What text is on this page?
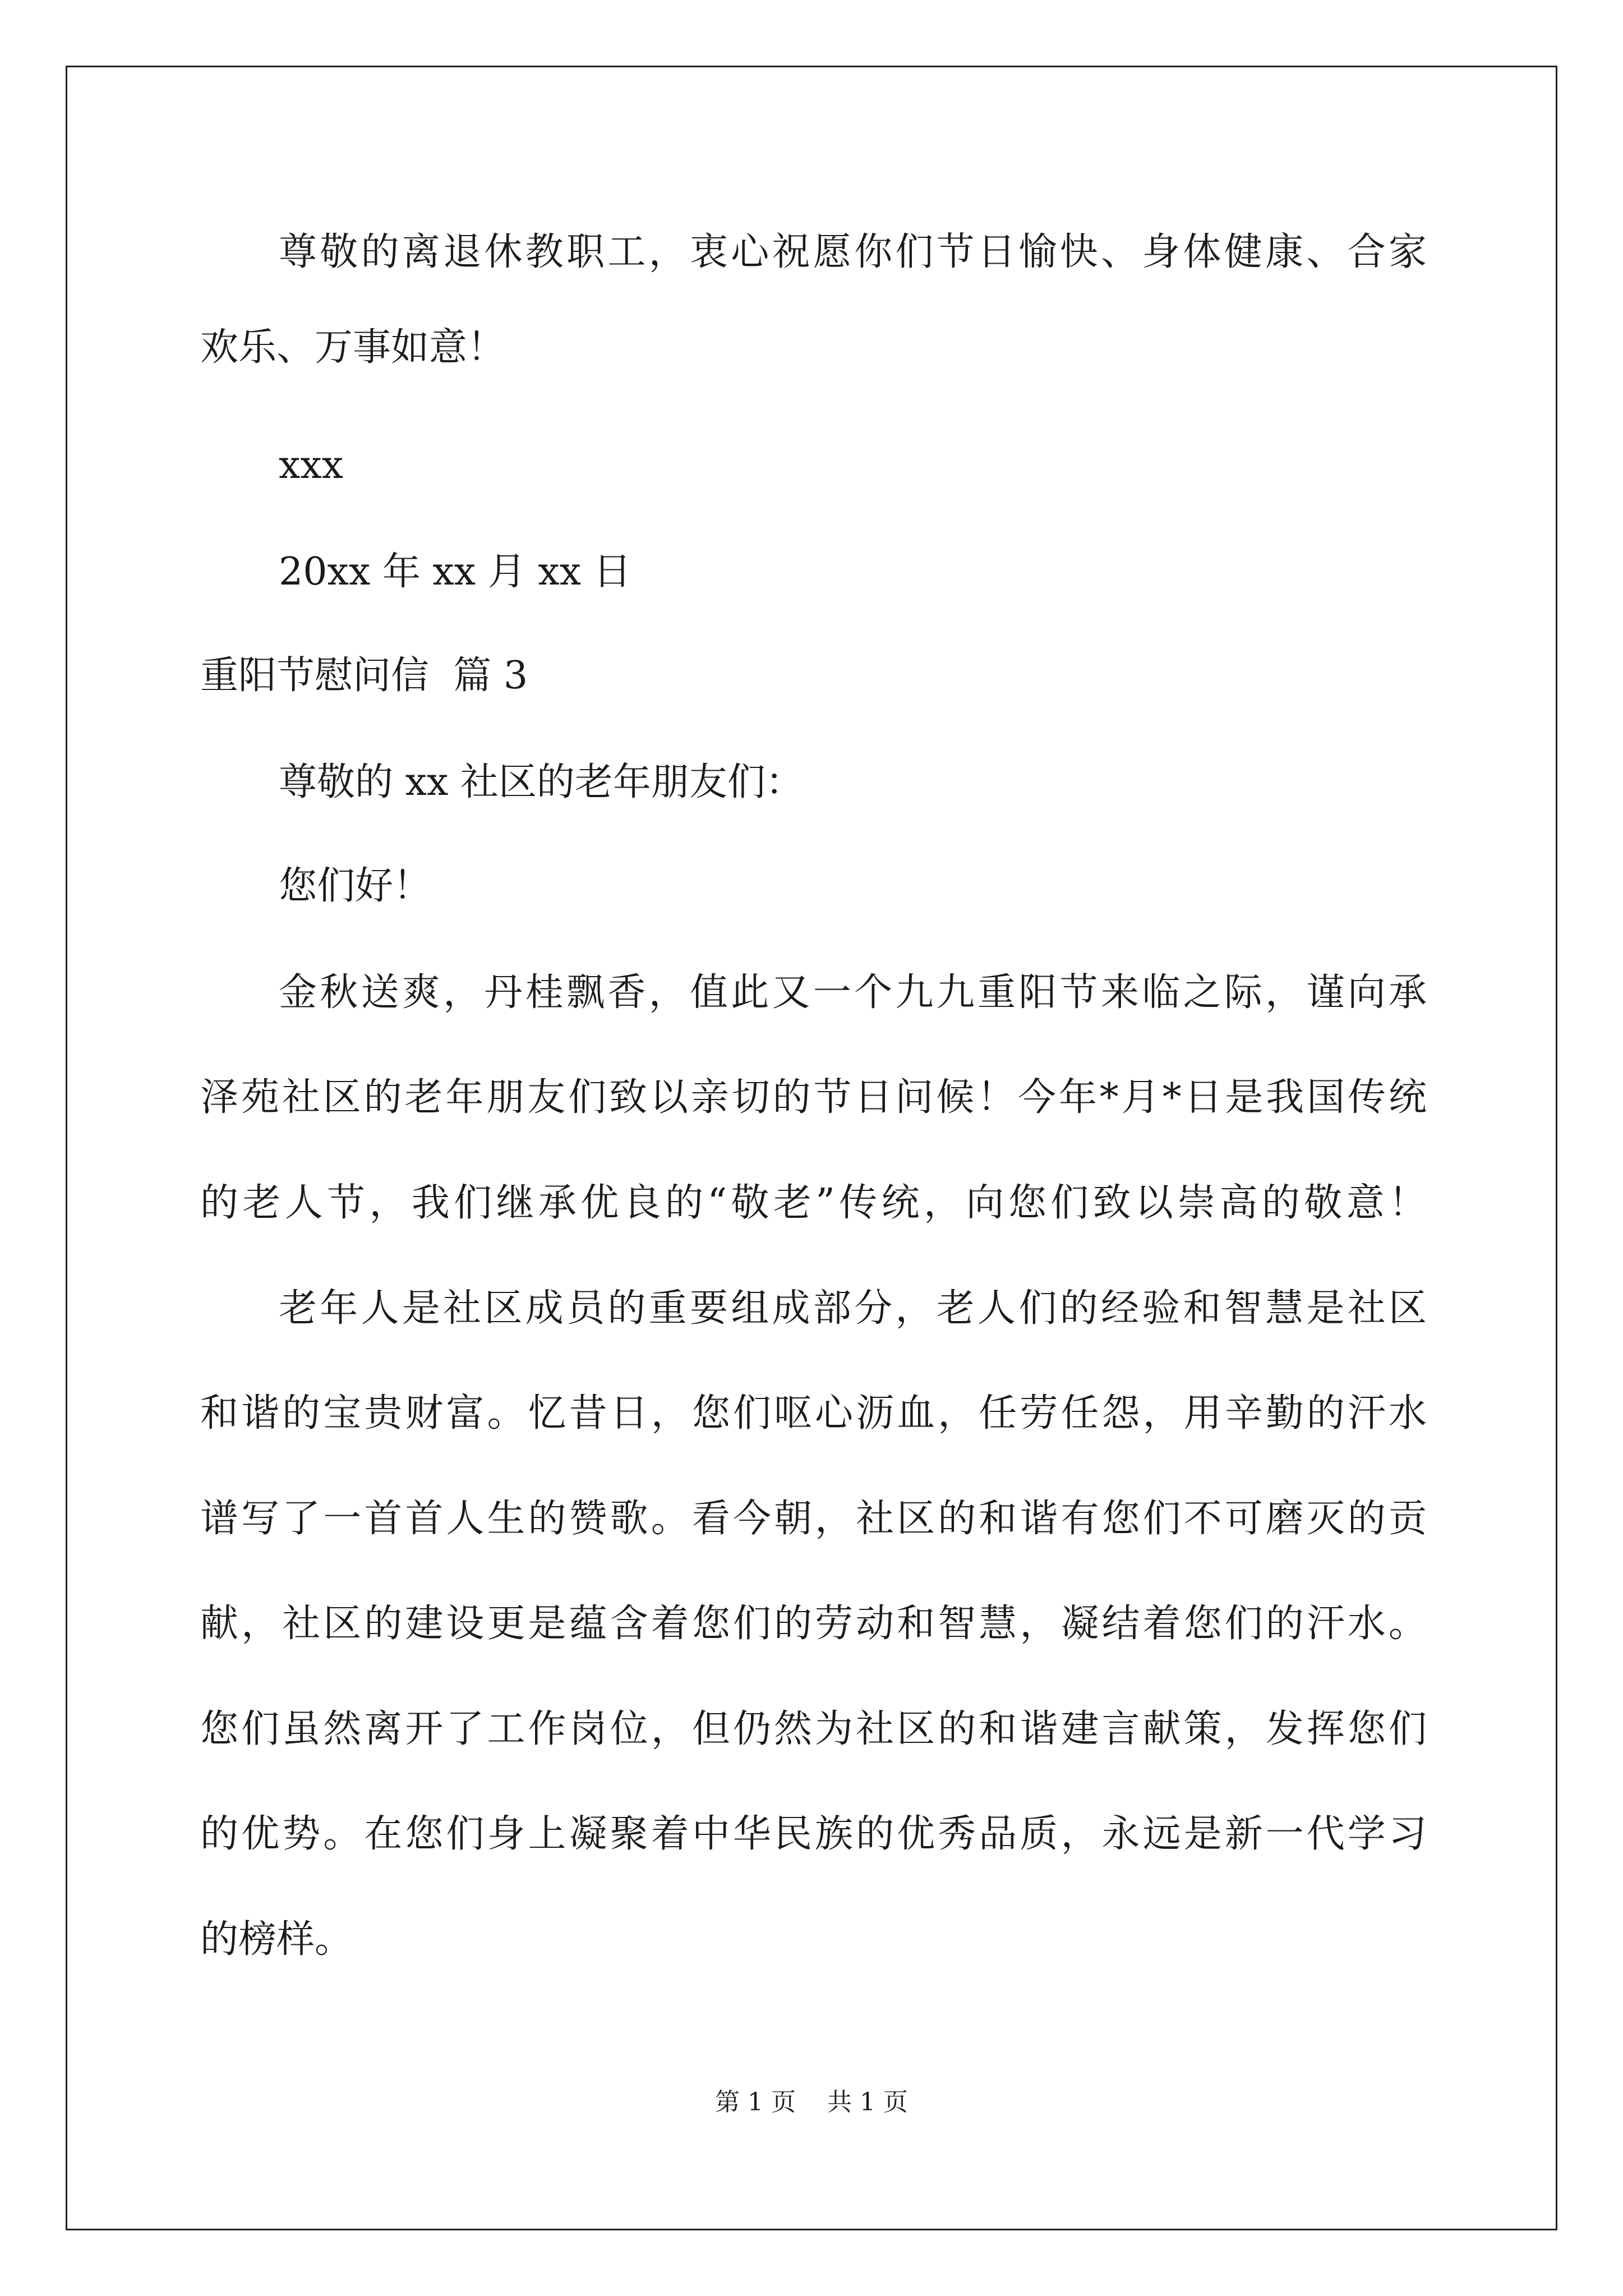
尊敬的离退休教职工，衷心祝愿你们节日愉快、身体健康、合家
欢乐、万事如意！
xxx
20xx 年 xx 月 xx 日
重阳节慰问信  篇 3
尊敬的 xx 社区的老年朋友们：
您们好！
金秋送爽，丹桂飘香，值此又一个九九重阳节来临之际，谨向承
泽苑社区的老年朋友们致以亲切的节日问候！今年*月*日是我国传统
的老人节，我们继承优良的“敬老”传统，向您们致以崇高的敬意！
老年人是社区成员的重要组成部分，老人们的经验和智慧是社区
和谐的宝贵财富。忆昔日，您们呕心沥血，任劳任怨，用辛勤的汗水
谱写了一首首人生的赞歌。看今朝，社区的和谐有您们不可磨灭的贡
献，社区的建设更是蕴含着您们的劳动和智慧，凝结着您们的汗水。
您们虽然离开了工作岗位，但仍然为社区的和谐建言献策，发挥您们
的优势。在您们身上凝聚着中华民族的优秀品质，永远是新一代学习
的榜样。
第 1 页    共 1 页
